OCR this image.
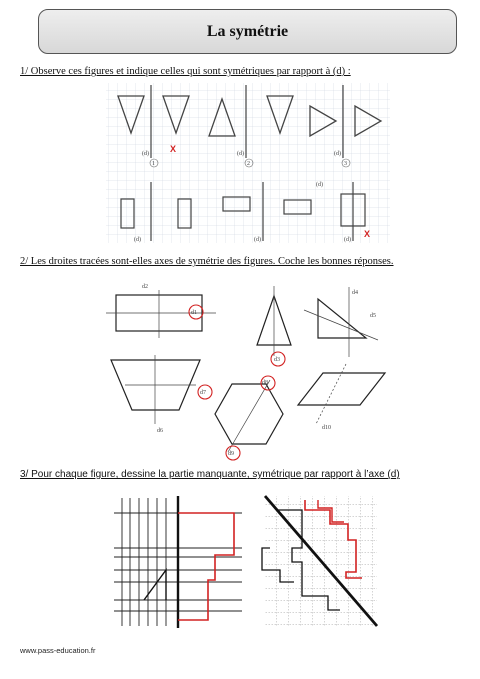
La symétrie
1/ Observe ces figures et indique celles qui sont symétriques par rapport à (d) :
2/ Les droites tracées sont-elles axes de symétrie des figures. Coche les bonnes réponses.
3/ Pour chaque figure, dessine la partie manquante, symétrique par rapport à l’axe (d)
(d)	(d)	(d)
(d)
(d)	(d)	(d)
1	2	3
X
X
d2
d1
d3
d4
d5
d6
d7
d8
d9
d10
www.pass-education.fr
